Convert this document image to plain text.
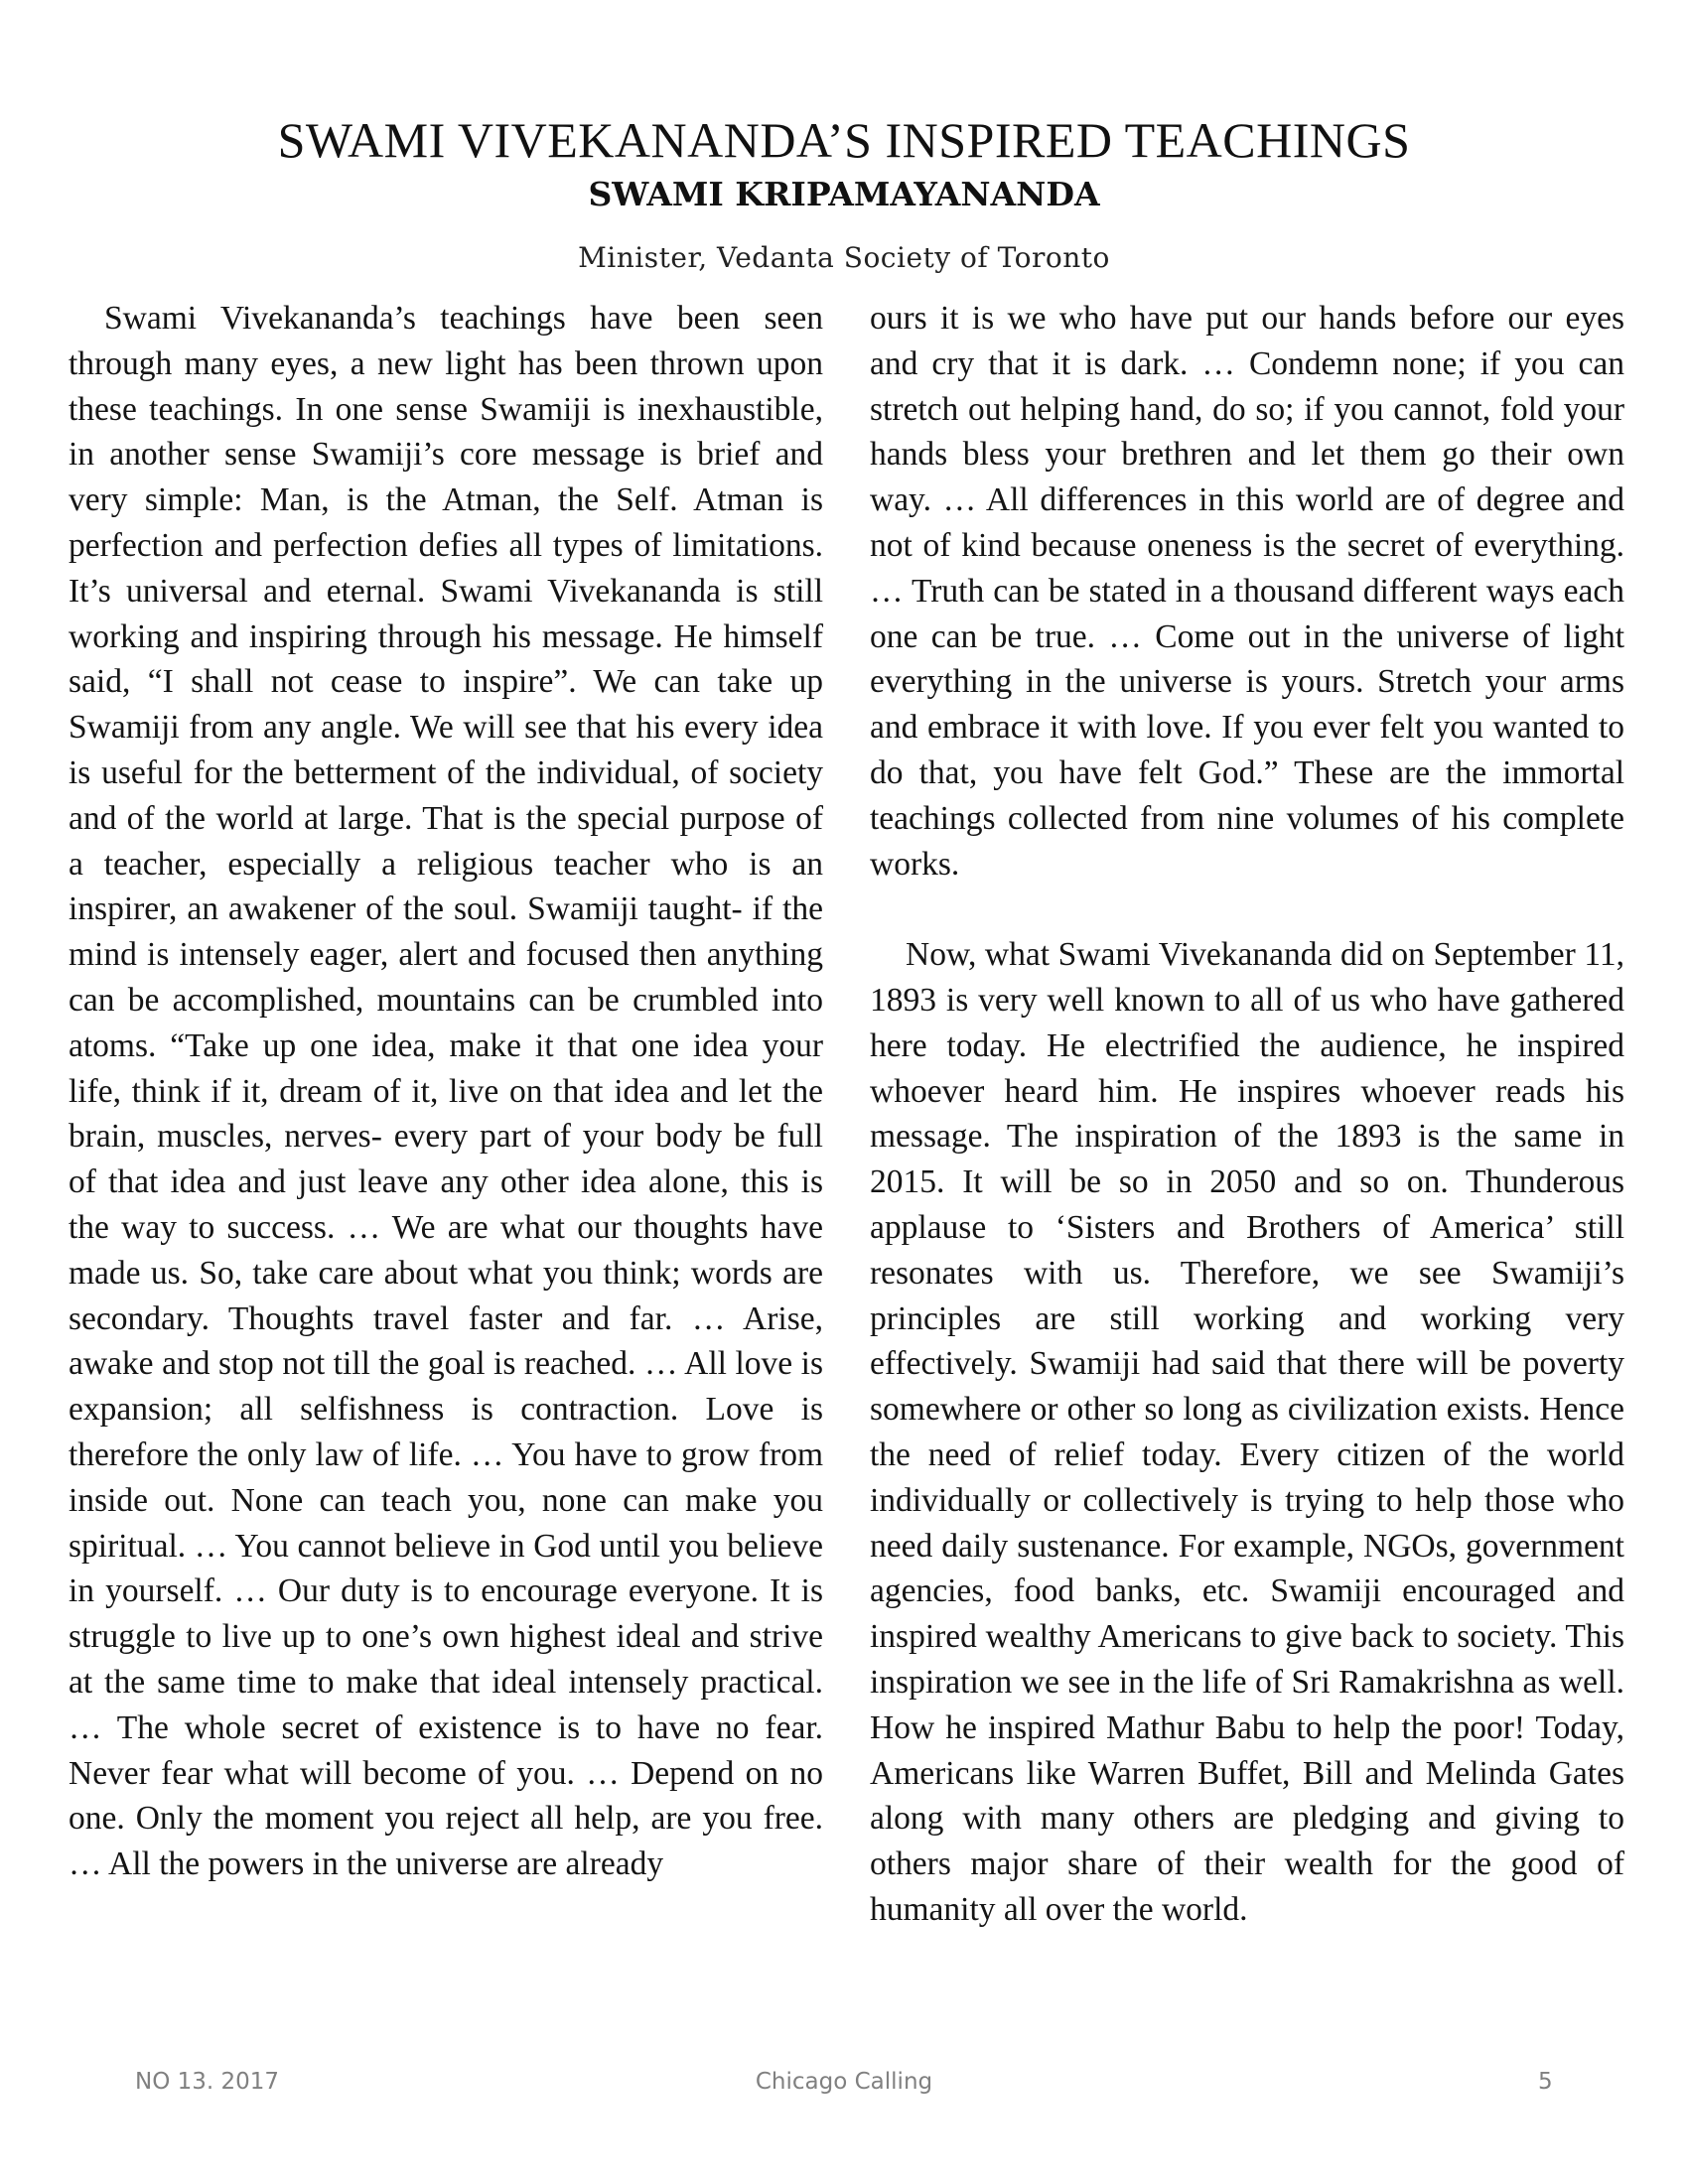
SWAMI VIVEKANANDA’S INSPIRED TEACHINGS
SWAMI KRIPAMAYANANDA
Minister, Vedanta Society of Toronto

Swami Vivekananda’s teachings have been seen through many eyes, a new light has been thrown upon these teachings. In one sense Swamiji is inexhaustible, in another sense Swamiji’s core message is brief and very simple: Man, is the Atman, the Self. Atman is perfection and perfection defies all types of limitations. It’s universal and eternal. Swami Vivekananda is still working and inspiring through his message. He himself said, “I shall not cease to inspire”. We can take up Swamiji from any angle. We will see that his every idea is useful for the betterment of the individual, of society and of the world at large. That is the special purpose of a teacher, especially a religious teacher who is an inspirer, an awakener of the soul. Swamiji taught- if the mind is intensely eager, alert and focused then anything can be accomplished, mountains can be crumbled into atoms. “Take up one idea, make it that one idea your life, think if it, dream of it, live on that idea and let the brain, muscles, nerves- every part of your body be full of that idea and just leave any other idea alone, this is the way to success. … We are what our thoughts have made us. So, take care about what you think; words are secondary. Thoughts travel faster and far. … Arise, awake and stop not till the goal is reached. … All love is expansion; all selfishness is contraction. Love is therefore the only law of life. … You have to grow from inside out. None can teach you, none can make you spiritual. … You cannot believe in God until you believe in yourself. … Our duty is to encourage everyone. It is struggle to live up to one’s own highest ideal and strive at the same time to make that ideal intensely practical. … The whole secret of existence is to have no fear. Never fear what will become of you. … Depend on no one. Only the moment you reject all help, are you free. … All the powers in the universe are already

ours it is we who have put our hands before our eyes and cry that it is dark. … Condemn none; if you can stretch out helping hand, do so; if you cannot, fold your hands bless your brethren and let them go their own way. … All differences in this world are of degree and not of kind because oneness is the secret of everything. … Truth can be stated in a thousand different ways each one can be true. … Come out in the universe of light everything in the universe is yours. Stretch your arms and embrace it with love. If you ever felt you wanted to do that, you have felt God.” These are the immortal teachings collected from nine volumes of his complete works.

Now, what Swami Vivekananda did on September 11, 1893 is very well known to all of us who have gathered here today. He electrified the audience, he inspired whoever heard him. He inspires whoever reads his message. The inspiration of the 1893 is the same in 2015. It will be so in 2050 and so on. Thunderous applause to ‘Sisters and Brothers of America’ still resonates with us. Therefore, we see Swamiji’s principles are still working and working very effectively. Swamiji had said that there will be poverty somewhere or other so long as civilization exists. Hence the need of relief today. Every citizen of the world individually or collectively is trying to help those who need daily sustenance. For example, NGOs, government agencies, food banks, etc. Swamiji encouraged and inspired wealthy Americans to give back to society. This inspiration we see in the life of Sri Ramakrishna as well. How he inspired Mathur Babu to help the poor! Today, Americans like Warren Buffet, Bill and Melinda Gates along with many others are pledging and giving to others major share of their wealth for the good of humanity all over the world.

NO 13. 2017	Chicago Calling	5
